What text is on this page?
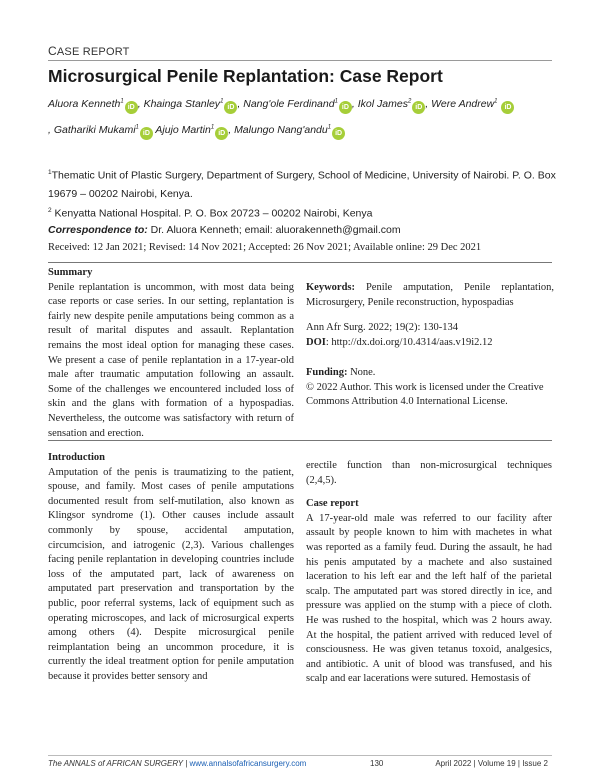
CASE REPORT
Microsurgical Penile Replantation: Case Report
Aluora Kenneth$^1$iD , Khainga Stanley$^1$iD , Nang'ole Ferdinand$^1$iD , Ikol James$^2$iD , Were Andrew$^1$ iD
, Gathariki Mukami$^1$iD Ajujo Martin$^1$iD , Malungo Nang'andu$^1$iD
$^1$Thematic Unit of Plastic Surgery, Department of Surgery, School of Medicine, University of Nairobi. P. O. Box 19679 – 00202 Nairobi, Kenya.
$^2$ Kenyatta National Hospital. P. O. Box 20723 – 00202 Nairobi, Kenya
Correspondence to: Dr. Aluora Kenneth; email: aluorakenneth@gmail.com
Received: 12 Jan 2021; Revised: 14 Nov 2021; Accepted: 26 Nov 2021; Available online: 29 Dec 2021
Summary

Penile replantation is uncommon, with most data being case reports or case series. In our setting, replantation is fairly new despite penile amputations being common as a result of marital disputes and assault. Replantation remains the most ideal option for managing these cases. We present a case of penile replantation in a 17-year-old male after traumatic amputation following an assault. Some of the challenges we encountered included loss of skin and the glans with formation of a hypospadias. Nevertheless, the outcome was satisfactory with return of sensation and erection.

Keywords: Penile amputation, Penile replantation, Microsurgery, Penile reconstruction, hypospadias
Ann Afr Surg. 2022; 19(2): 130-134
DOI: http://dx.doi.org/10.4314/aas.v19i2.12
Funding: None.
© 2022 Author. This work is licensed under the Creative Commons Attribution 4.0 International License.
Introduction

Amputation of the penis is traumatizing to the patient, spouse, and family. Most cases of penile amputations documented result from self-mutilation, also known as Klingsor syndrome (1). Other causes include assault commonly by spouse, accidental amputation, circumcision, and iatrogenic (2,3). Various challenges facing penile replantation in developing countries include loss of the amputated part, lack of awareness on amputated part preservation and transportation by the public, poor referral systems, lack of equipment such as operating microscopes, and lack of microsurgical experts among others (4). Despite microsurgical penile reimplantation being an uncommon procedure, it is currently the ideal treatment option for penile amputation because it provides better sensory and

erectile function than non-microsurgical techniques (2,4,5).

Case report

A 17-year-old male was referred to our facility after assault by people known to him with machetes in what was reported as a family feud. During the assault, he had his penis amputated by a machete and also sustained laceration to his left ear and the left half of the parietal scalp. The amputated part was stored directly in ice, and pressure was applied on the stump with a piece of cloth. He was rushed to the hospital, which was 2 hours away. At the hospital, the patient arrived with reduced level of consciousness. He was given tetanus toxoid, analgesics, and antibiotic. A unit of blood was transfused, and his scalp and ear lacerations were sutured. Hemostasis of

The ANNALS of AFRICAN SURGERY | www.annalsofafricansurgery.com	130	April 2022 | Volume 19 | Issue 2
